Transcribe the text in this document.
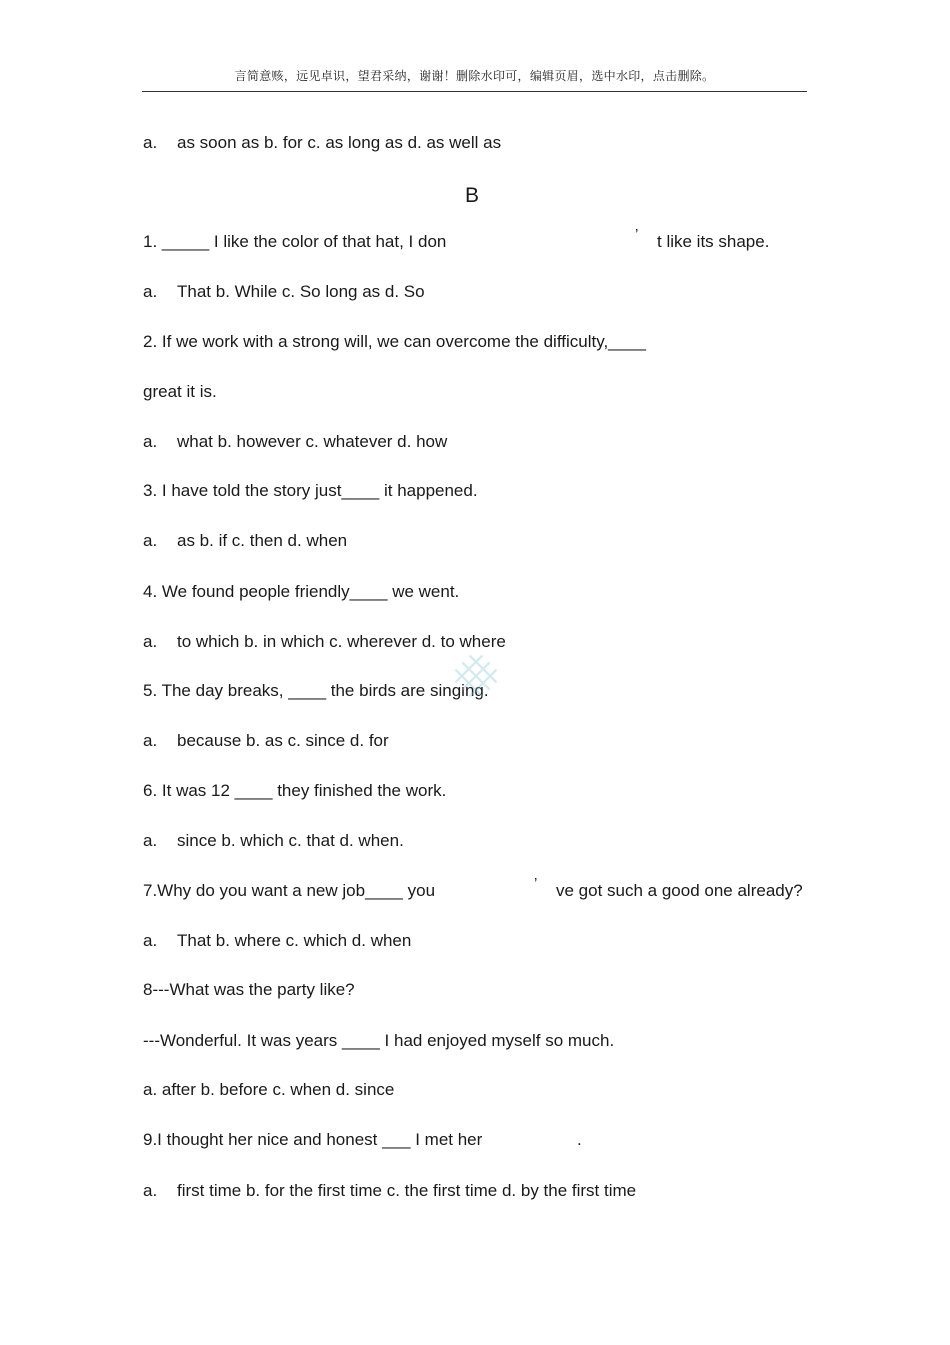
言简意赅，远见卓识，望君采纳，谢谢！删除水印可，编辑页眉，选中水印，点击删除。
a. as soon as b. for c. as long as d. as well as
B
1. _____ I like the color of that hat, I don	’ t like its shape.
a. That b. While c. So long as d. So
2. If we work with a strong will, we can overcome the difficulty,____
great it is.
a. what b. however c. whatever d. how
3. I have told the story just____ it happened.
a. as b. if c. then d. when
4. We found people friendly____ we went.
a. to which b. in which c. wherever d. to where
5. The day breaks, ____ the birds are singing.
a. because b. as c. since d. for
6. It was 12 ____ they finished the work.
a. since b. which c. that d. when.
7.Why do you want a new job____ you	’ ve got such a good one already?
a. That b. where c. which d. when
8---What was the party like?
---Wonderful. It was years ____ I had enjoyed myself so much.
a. after b. before c. when d. since
9.I thought her nice and honest ___ I met her	.
a. first time b. for the first time c. the first time d. by the first time
